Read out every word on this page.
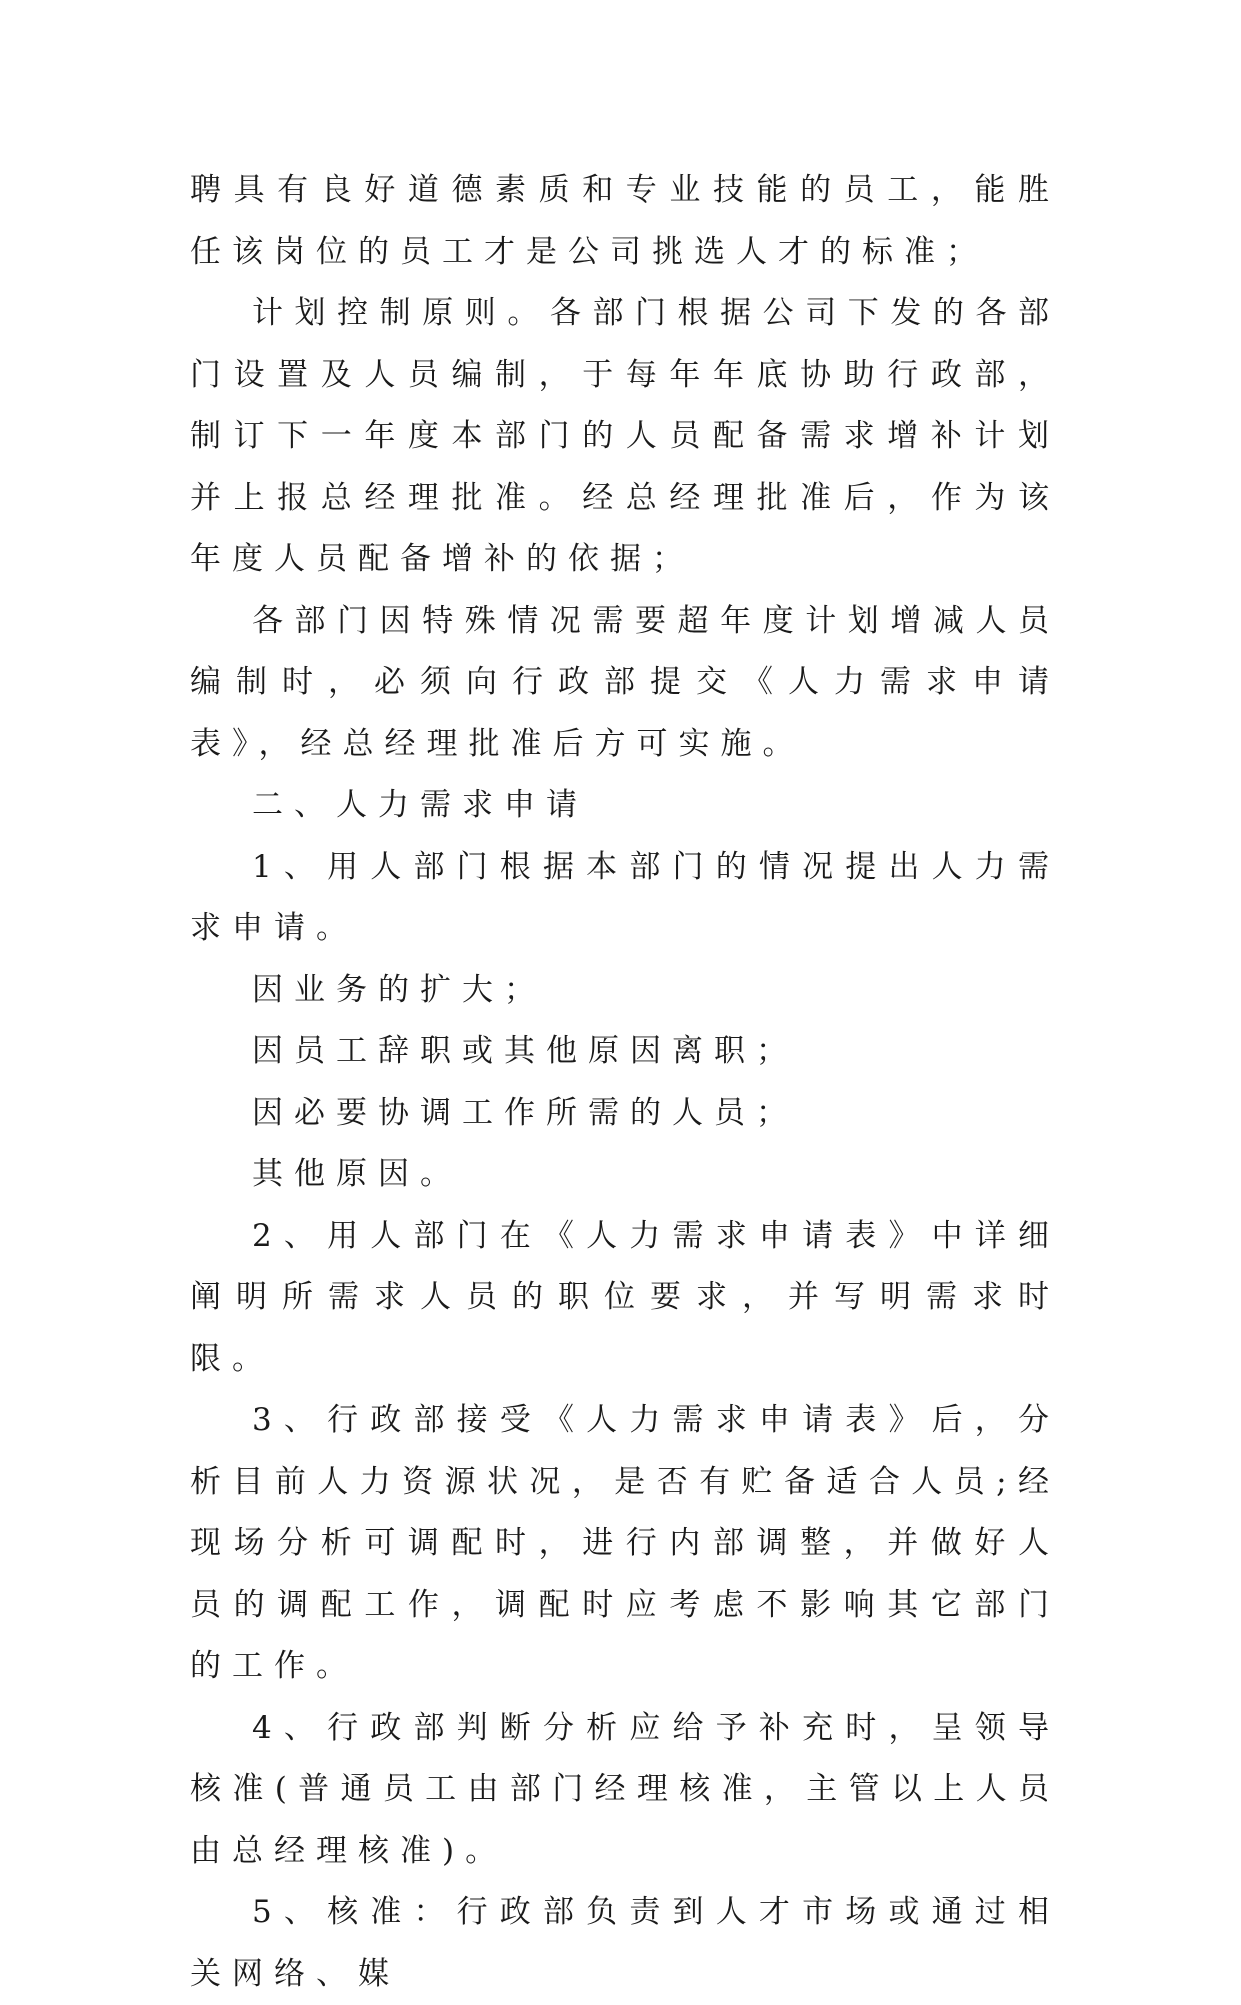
聘具有良好道德素质和专业技能的员工，能胜任该岗位的员工才是公司挑选人才的标准；

计划控制原则。各部门根据公司下发的各部门设置及人员编制，于每年年底协助行政部，制订下一年度本部门的人员配备需求增补计划并上报总经理批准。经总经理批准后，作为该年度人员配备增补的依据；

各部门因特殊情况需要超年度计划增减人员编制时，必须向行政部提交《人力需求申请表》，经总经理批准后方可实施。

二、人力需求申请

1、用人部门根据本部门的情况提出人力需求申请。

因业务的扩大；

因员工辞职或其他原因离职；

因必要协调工作所需的人员；

其他原因。

2、用人部门在《人力需求申请表》中详细阐明所需求人员的职位要求，并写明需求时限。

3、行政部接受《人力需求申请表》后，分析目前人力资源状况，是否有贮备适合人员;经现场分析可调配时，进行内部调整，并做好人员的调配工作，调配时应考虑不影响其它部门的工作。

4、行政部判断分析应给予补充时，呈领导核准(普通员工由部门经理核准，主管以上人员由总经理核准)。

5、核准：行政部负责到人才市场或通过相关网络、媒
